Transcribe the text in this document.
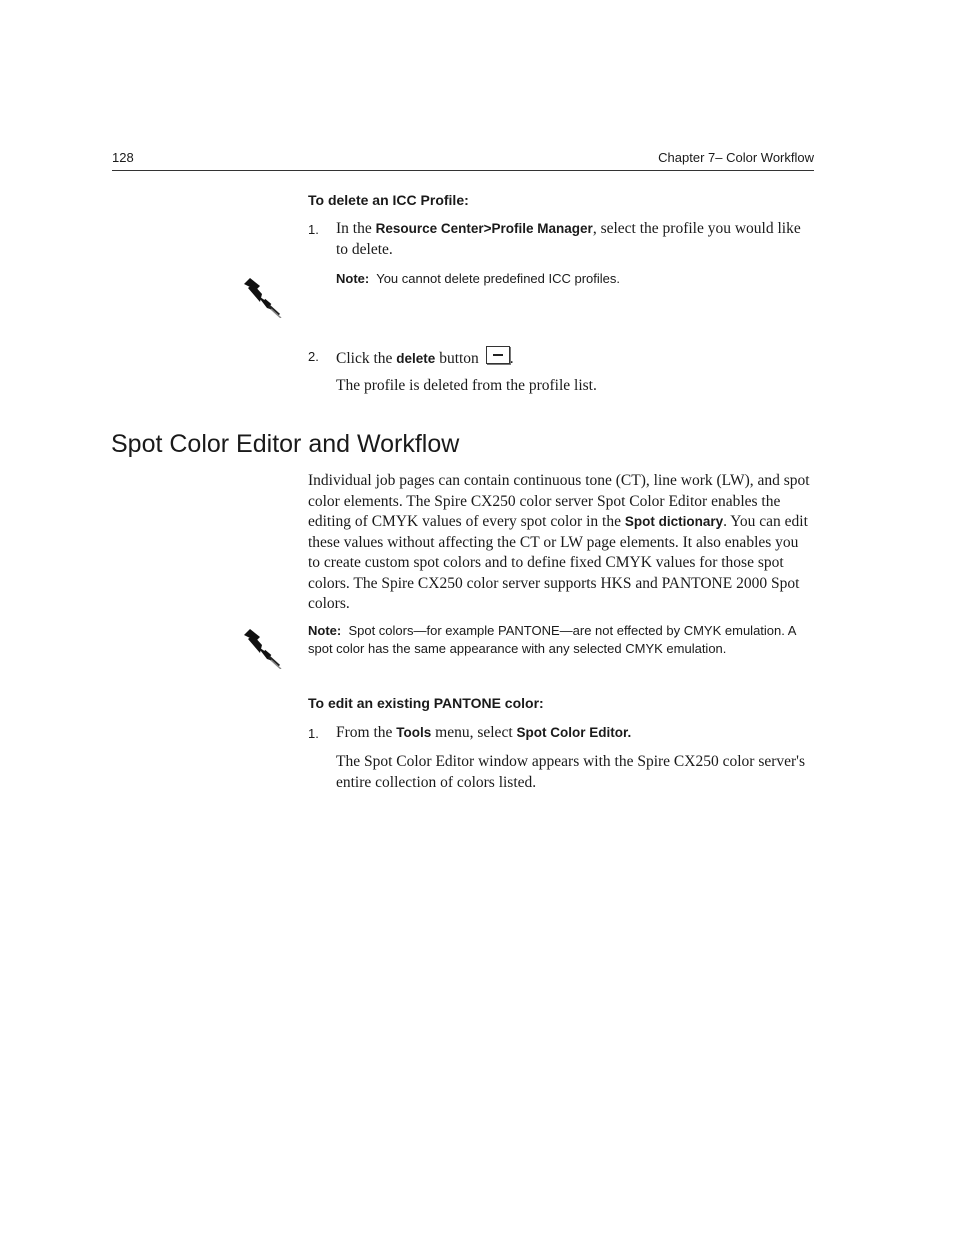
128	Chapter 7– Color Workflow
To delete an ICC Profile:
1. In the Resource Center>Profile Manager, select the profile you would like to delete.
Note: You cannot delete predefined ICC profiles.
2. Click the delete button .
The profile is deleted from the profile list.
Spot Color Editor and Workflow
Individual job pages can contain continuous tone (CT), line work (LW), and spot color elements. The Spire CX250 color server Spot Color Editor enables the editing of CMYK values of every spot color in the Spot dictionary. You can edit these values without affecting the CT or LW page elements. It also enables you to create custom spot colors and to define fixed CMYK values for those spot colors. The Spire CX250 color server supports HKS and PANTONE 2000 Spot colors.
Note: Spot colors—for example PANTONE—are not effected by CMYK emulation. A spot color has the same appearance with any selected CMYK emulation.
To edit an existing PANTONE color:
1. From the Tools menu, select Spot Color Editor.
The Spot Color Editor window appears with the Spire CX250 color server's entire collection of colors listed.
